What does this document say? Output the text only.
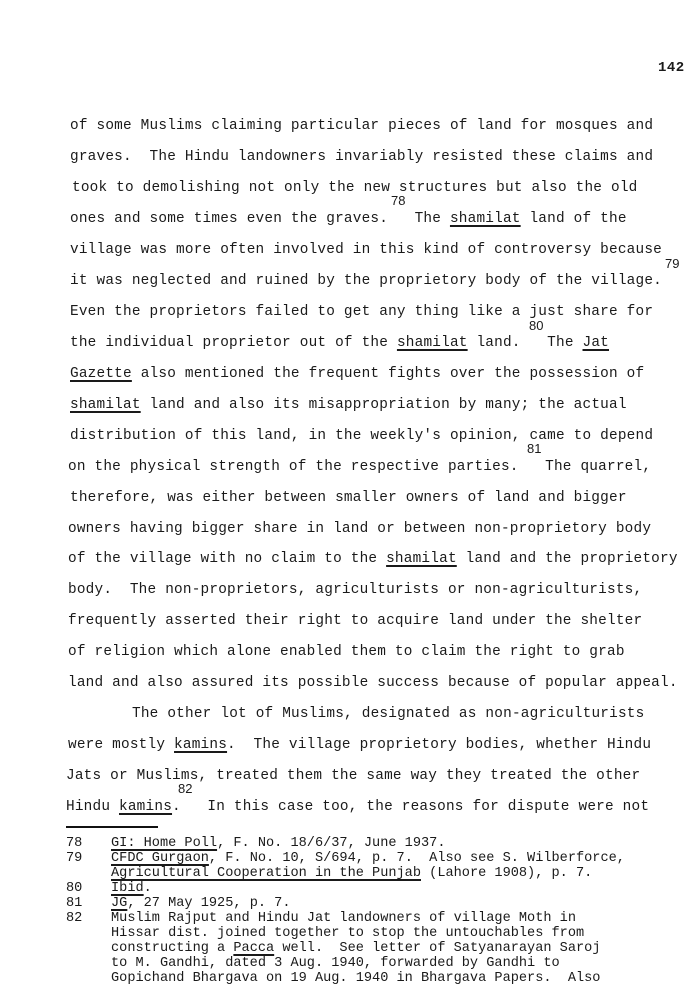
142
of some Muslims claiming particular pieces of land for mosques and
graves.  The Hindu landowners invariably resisted these claims and
took to demolishing not only the new structures but also the old
ones and some times even the graves.   The shamilat land of the
village was more often involved in this kind of controversy because
it was neglected and ruined by the proprietory body of the village.
Even the proprietors failed to get any thing like a just share for
the individual proprietor out of the shamilat land.   The Jat
Gazette also mentioned the frequent fights over the possession of
shamilat land and also its misappropriation by many; the actual
distribution of this land, in the weekly's opinion, came to depend
on the physical strength of the respective parties.   The quarrel,
therefore, was either between smaller owners of land and bigger
owners having bigger share in land or between non-proprietory body
of the village with no claim to the shamilat land and the proprietory
body.  The non-proprietors, agriculturists or non-agriculturists,
frequently asserted their right to acquire land under the shelter
of religion which alone enabled them to claim the right to grab
land and also assured its possible success because of popular appeal.
The other lot of Muslims, designated as non-agriculturists
were mostly kamins.  The village proprietory bodies, whether Hindu
Jats or Muslims, treated them the same way they treated the other
Hindu kamins.   In this case too, the reasons for dispute were not
78
79
80
81
82
78 GI: Home Poll, F. No. 18/6/37, June 1937.
79 CFDC Gurgaon, F. No. 10, S/694, p. 7.  Also see S. Wilberforce,
Agricultural Cooperation in the Punjab (Lahore 1908), p. 7.
80 Ibid.
81 JG, 27 May 1925, p. 7.
82 Muslim Rajput and Hindu Jat landowners of village Moth in
Hissar dist. joined together to stop the untouchables from
constructing a Pacca well.  See letter of Satyanarayan Saroj
to M. Gandhi, dated 3 Aug. 1940, forwarded by Gandhi to
Gopichand Bhargava on 19 Aug. 1940 in Bhargava Papers.  Also
